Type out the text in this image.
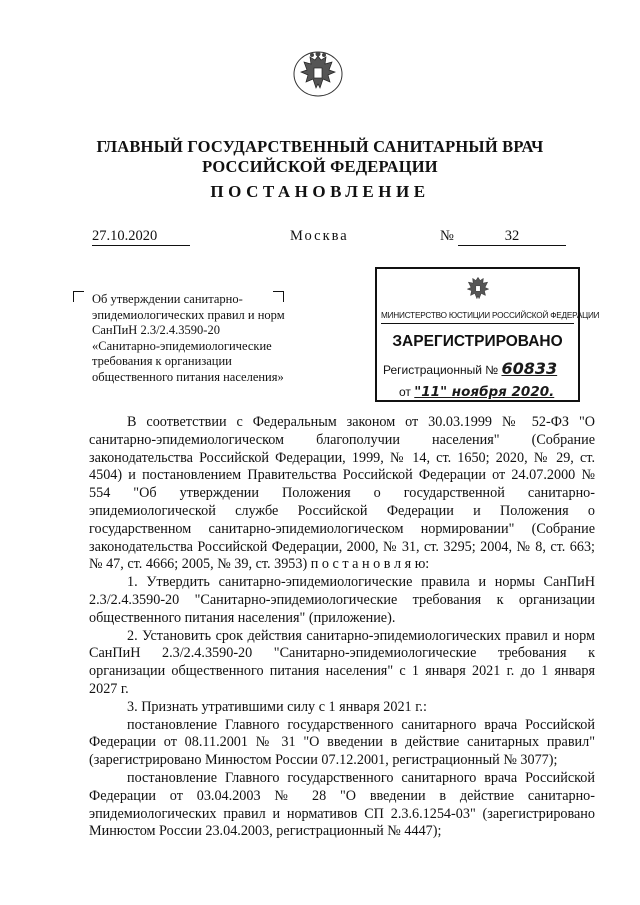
ГЛАВНЫЙ ГОСУДАРСТВЕННЫЙ САНИТАРНЫЙ ВРАЧ
РОССИЙСКОЙ ФЕДЕРАЦИИ
ПОСТАНОВЛЕНИЕ
27.10.2020	Москва	№	32
Об утверждении санитарно-
эпидемиологических правил и норм
СанПиН 2.3/2.4.3590-20
«Санитарно-эпидемиологические
требования к организации
общественного питания населения»
МИНИСТЕРСТВО ЮСТИЦИИ РОССИЙСКОЙ ФЕДЕРАЦИИ
ЗАРЕГИСТРИРОВАНО
Регистрационный № 60833
от "11" ноября 2020.

В соответствии с Федеральным законом от 30.03.1999 № 52-ФЗ "О санитарно-эпидемиологическом благополучии населения" (Собрание законодательства Российской Федерации, 1999, № 14, ст. 1650; 2020, № 29, ст. 4504) и постановлением Правительства Российской Федерации от 24.07.2000 № 554 "Об утверждении Положения о государственной санитарно-эпидемиологической службе Российской Федерации и Положения о государственном санитарно-эпидемиологическом нормировании" (Собрание законодательства Российской Федерации, 2000, № 31, ст. 3295; 2004, № 8, ст. 663; № 47, ст. 4666; 2005, № 39, ст. 3953) п о с т а н о в л я ю:

1. Утвердить санитарно-эпидемиологические правила и нормы СанПиН 2.3/2.4.3590-20 "Санитарно-эпидемиологические требования к организации общественного питания населения" (приложение).

2. Установить срок действия санитарно-эпидемиологических правил и норм СанПиН 2.3/2.4.3590-20 "Санитарно-эпидемиологические требования к организации общественного питания населения" с 1 января 2021 г. до 1 января 2027 г.

3. Признать утратившими силу с 1 января 2021 г.:

постановление Главного государственного санитарного врача Российской Федерации от 08.11.2001 № 31 "О введении в действие санитарных правил" (зарегистрировано Минюстом России 07.12.2001, регистрационный № 3077);

постановление Главного государственного санитарного врача Российской Федерации от 03.04.2003 № 28 "О введении в действие санитарно-эпидемиологических правил и нормативов СП 2.3.6.1254-03" (зарегистрировано Минюстом России 23.04.2003, регистрационный № 4447);
